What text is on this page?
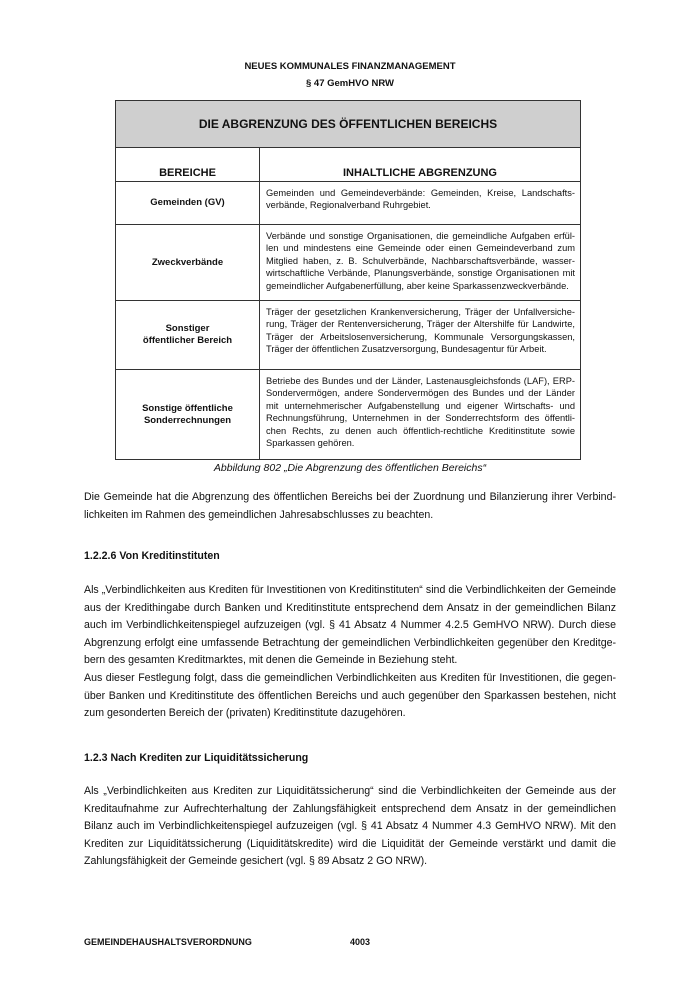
NEUES KOMMUNALES FINANZMANAGEMENT
§ 47 GemHVO NRW
DIE ABGRENZUNG DES ÖFFENTLICHEN BEREICHS	
BEREICHE	INHALTLICHE ABGRENZUNG
Gemeinden (GV)	Gemeinden und Gemeindeverbände: Gemeinden, Kreise, Landschafts-verbände, Regionalverband Ruhrgebiet.
Zweckverbände	Verbände und sonstige Organisationen, die gemeindliche Aufgaben erfül-len und mindestens eine Gemeinde oder einen Gemeindeverband zum Mitglied haben, z. B. Schulverbände, Nachbarschaftsverbände, wasser-wirtschaftliche Verbände, Planungsverbände, sonstige Organisationen mit gemeindlicher Aufgabenerfüllung, aber keine Sparkassenzweckverbände.

Sonstiger
öffentlicher Bereich	Träger der gesetzlichen Krankenversicherung, Träger der Unfallversiche-rung, Träger der Rentenversicherung, Träger der Altershilfe für Landwirte, Träger der Arbeitslosenversicherung, Kommunale Versorgungskassen, Träger der öffentlichen Zusatzversorgung, Bundesagentur für Arbeit.

Sonstige öffentliche
Sonderrechnungen	Betriebe des Bundes und der Länder, Lastenausgleichsfonds (LAF), ERP-Sondervermögen, andere Sondervermögen des Bundes und der Länder mit unternehmerischer Aufgabenstellung und eigener Wirtschafts- und Rechnungsführung, Unternehmen in der Sonderrechtsform des öffentli-chen Rechts, zu denen auch öffentlich-rechtliche Kreditinstitute sowie Sparkassen gehören.
Abbildung 802 „Die Abgrenzung des öffentlichen Bereichs“

Die Gemeinde hat die Abgrenzung des öffentlichen Bereichs bei der Zuordnung und Bilanzierung ihrer Verbind-lichkeiten im Rahmen des gemeindlichen Jahresabschlusses zu beachten.

1.2.2.6 Von Kreditinstituten

Als „Verbindlichkeiten aus Krediten für Investitionen von Kreditinstituten“ sind die Verbindlichkeiten der Gemeinde aus der Kredithingabe durch Banken und Kreditinstitute entsprechend dem Ansatz in der gemeindlichen Bilanz auch im Verbindlichkeitenspiegel aufzuzeigen (vgl. § 41 Absatz 4 Nummer 4.2.5 GemHVO NRW). Durch diese Abgrenzung erfolgt eine umfassende Betrachtung der gemeindlichen Verbindlichkeiten gegenüber den Kreditge-bern des gesamten Kreditmarktes, mit denen die Gemeinde in Beziehung steht.

Aus dieser Festlegung folgt, dass die gemeindlichen Verbindlichkeiten aus Krediten für Investitionen, die gegen-über Banken und Kreditinstitute des öffentlichen Bereichs und auch gegenüber den Sparkassen bestehen, nicht zum gesonderten Bereich der (privaten) Kreditinstitute dazugehören.

1.2.3 Nach Krediten zur Liquiditätssicherung

Als „Verbindlichkeiten aus Krediten zur Liquiditätssicherung“ sind die Verbindlichkeiten der Gemeinde aus der Kreditaufnahme zur Aufrechterhaltung der Zahlungsfähigkeit entsprechend dem Ansatz in der gemeindlichen Bilanz auch im Verbindlichkeitenspiegel aufzuzeigen (vgl. § 41 Absatz 4 Nummer 4.3 GemHVO NRW). Mit den Krediten zur Liquiditätssicherung (Liquiditätskredite) wird die Liquidität der Gemeinde verstärkt und damit die Zahlungsfähigkeit der Gemeinde gesichert (vgl. § 89 Absatz 2 GO NRW).

GEMEINDEHAUSHALTSVERORDNUNG	4003
